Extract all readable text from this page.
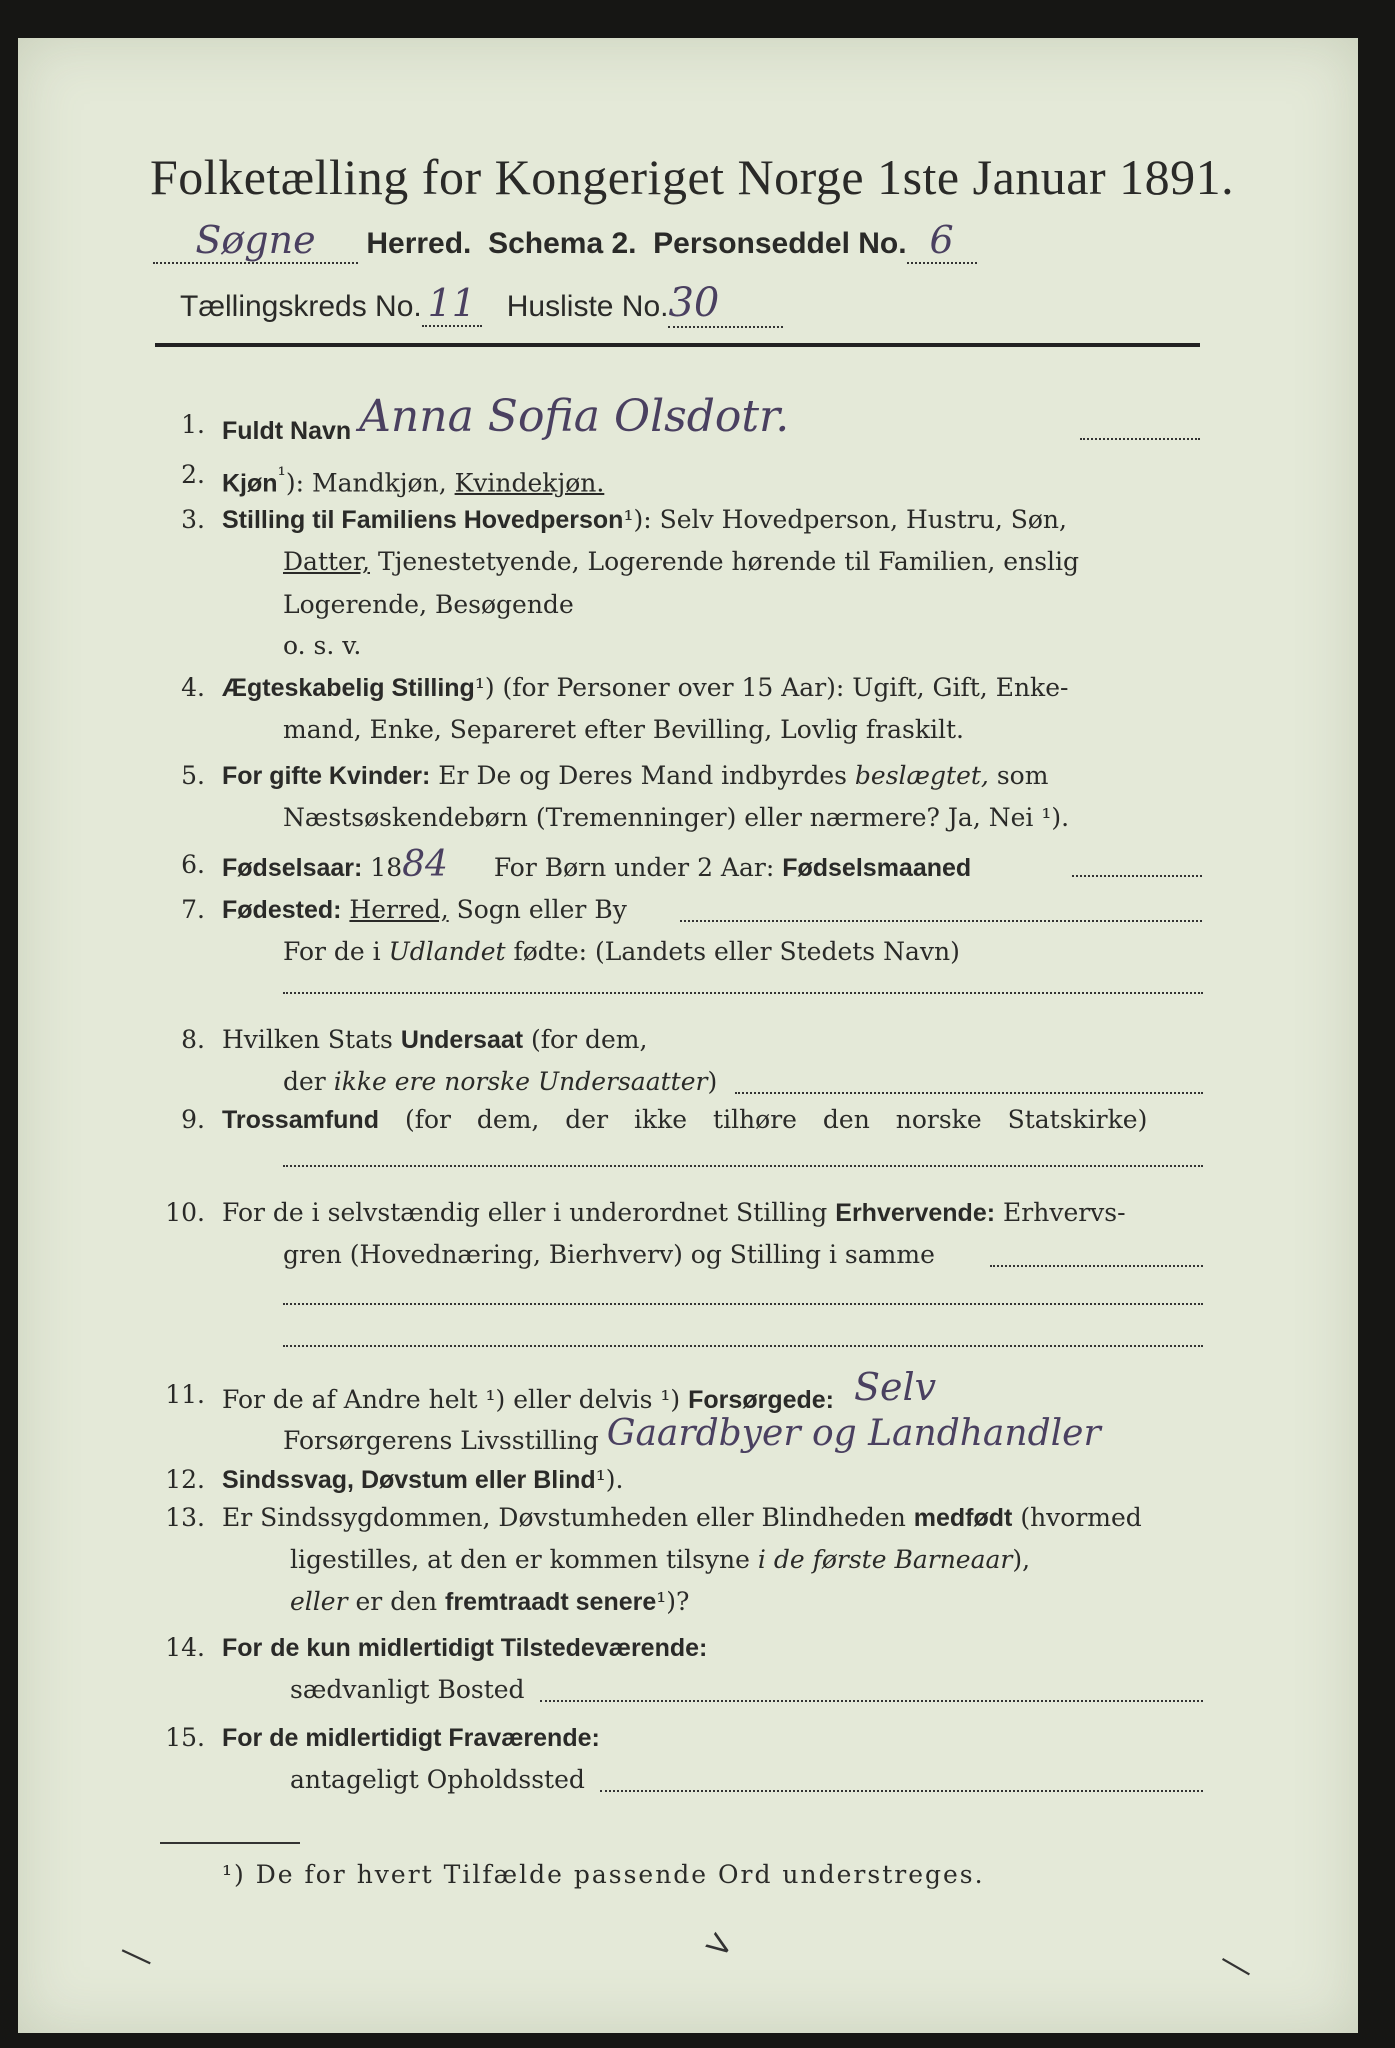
Folketælling for Kongeriget Norge 1ste Januar 1891.
Søgne Herred. Schema 2. Personseddel No. 6
Tællingskreds No. 11 Husliste No.30
1. Fuldt Navn Anna Sofia Olsdotr.
2. Kjøn$^{^1}$): Mandkjøn, Kvindekjøn.
3. Stilling til Familiens Hovedperson¹): Selv Hovedperson, Hustru, Søn,
Datter, Tjenestetyende, Logerende hørende til Familien, enslig
Logerende, Besøgende
o. s. v.
4. Ægteskabelig Stilling¹) (for Personer over 15 Aar): Ugift, Gift, Enke-
mand, Enke, Separeret efter Bevilling, Lovlig fraskilt.
5. For gifte Kvinder: Er De og Deres Mand indbyrdes beslægtet, som
Næstsøskendebørn (Tremenninger) eller nærmere? Ja, Nei ¹).
6. Fødselsaar: 1884 For Børn under 2 Aar: Fødselsmaaned
7. Fødested: Herred, Sogn eller By
For de i Udlandet fødte: (Landets eller Stedets Navn)
8. Hvilken Stats Undersaat (for dem,
der ikke ere norske Undersaatter)
9. Trossamfund (for dem, der ikke tilhøre den norske Statskirke)
10. For de i selvstændig eller i underordnet Stilling Erhvervende: Erhvervs-
gren (Hovednæring, Bierhverv) og Stilling i samme
11. For de af Andre helt ¹) eller delvis ¹) Forsørgede: Selv
Forsørgerens Livsstilling Gaardbyer og Landhandler
12. Sindssvag, Døvstum eller Blind¹).
13. Er Sindssygdommen, Døvstumheden eller Blindheden medfødt (hvormed
ligestilles, at den er kommen tilsyne i de første Barneaar),
eller er den fremtraadt senere¹)?
14. For de kun midlertidigt Tilstedeværende:
sædvanligt Bosted
15. For de midlertidigt Fraværende:
antageligt Opholdssted
¹) De for hvert Tilfælde passende Ord understreges.
—	>	—
